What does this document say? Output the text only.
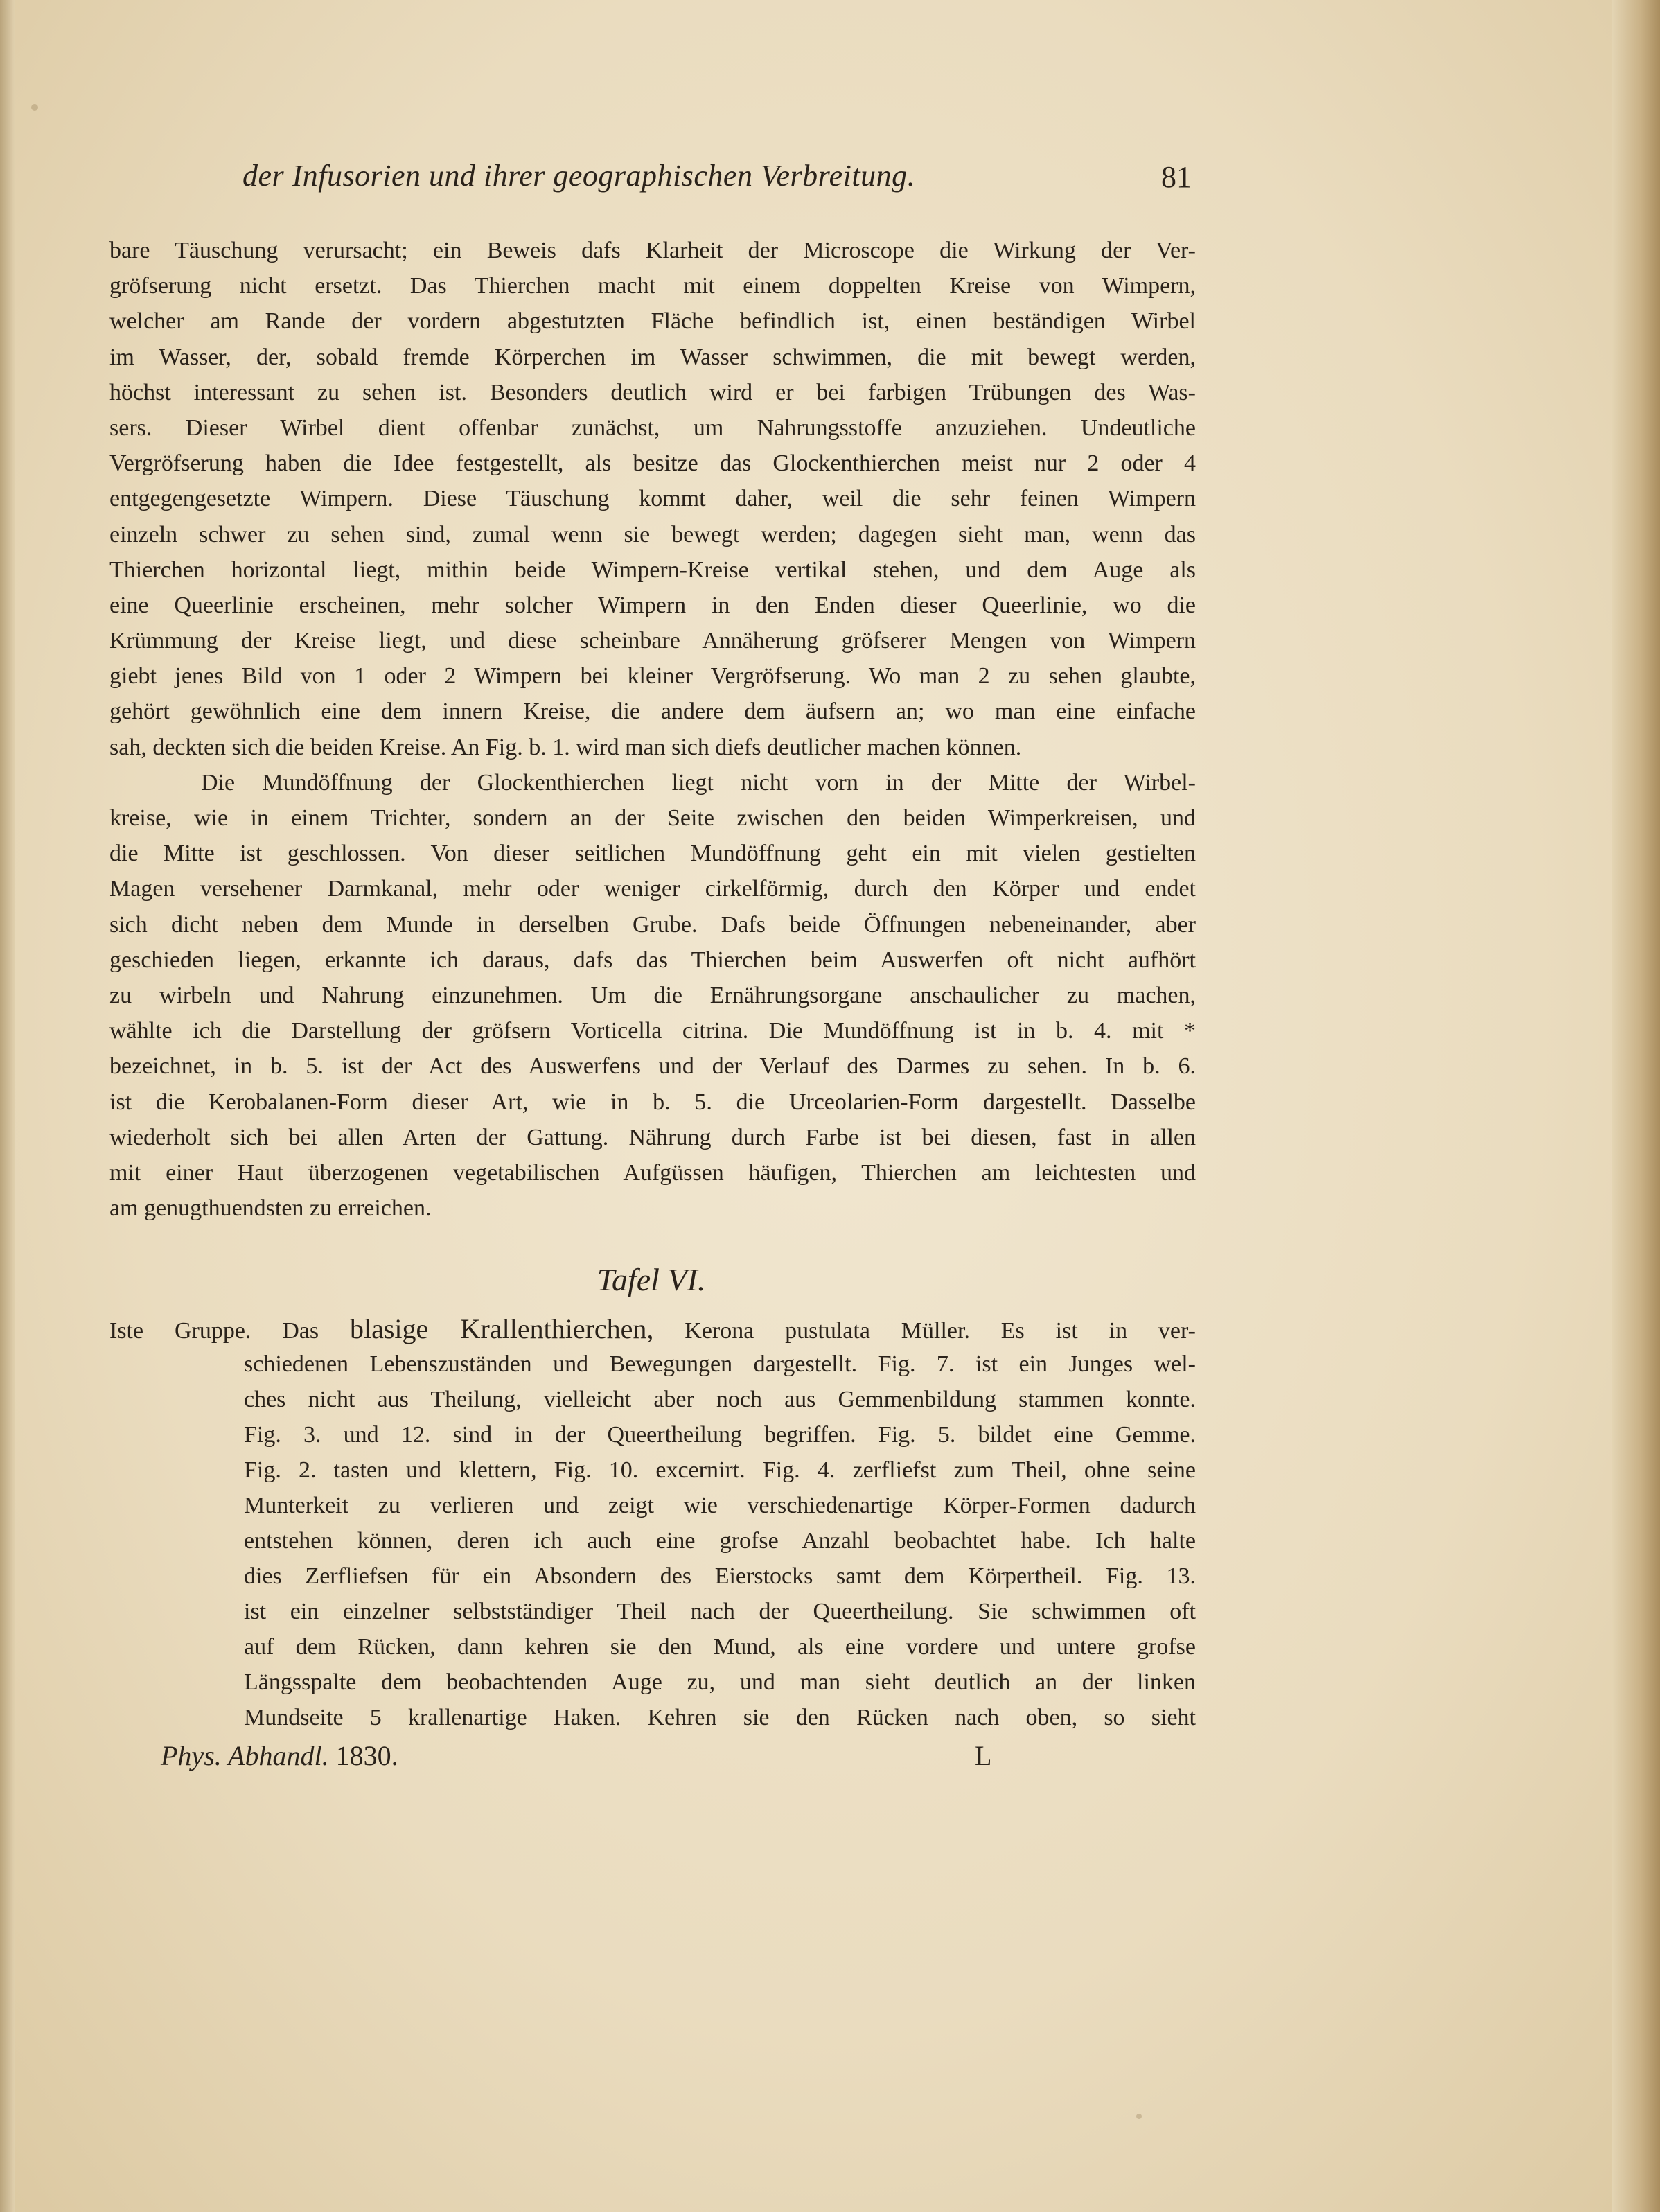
der Infusorien und ihrer geographischen Verbreitung.	81
bare Täuschung verursacht; ein Beweis dafs Klarheit der Microscope die Wirkung der Ver-
gröfserung nicht ersetzt. Das Thierchen macht mit einem doppelten Kreise von Wimpern,
welcher am Rande der vordern abgestutzten Fläche befindlich ist, einen beständigen Wirbel
im Wasser, der, sobald fremde Körperchen im Wasser schwimmen, die mit bewegt werden,
höchst interessant zu sehen ist. Besonders deutlich wird er bei farbigen Trübungen des Was-
sers. Dieser Wirbel dient offenbar zunächst, um Nahrungsstoffe anzuziehen. Undeutliche
Vergröfserung haben die Idee festgestellt, als besitze das Glockenthierchen meist nur 2 oder 4
entgegengesetzte Wimpern. Diese Täuschung kommt daher, weil die sehr feinen Wimpern
einzeln schwer zu sehen sind, zumal wenn sie bewegt werden; dagegen sieht man, wenn das
Thierchen horizontal liegt, mithin beide Wimpern-Kreise vertikal stehen, und dem Auge als
eine Queerlinie erscheinen, mehr solcher Wimpern in den Enden dieser Queerlinie, wo die
Krümmung der Kreise liegt, und diese scheinbare Annäherung gröfserer Mengen von Wimpern
giebt jenes Bild von 1 oder 2 Wimpern bei kleiner Vergröfserung. Wo man 2 zu sehen glaubte,
gehört gewöhnlich eine dem innern Kreise, die andere dem äufsern an; wo man eine einfache
sah, deckten sich die beiden Kreise. An Fig. b. 1. wird man sich diefs deutlicher machen können.
Die Mundöffnung der Glockenthierchen liegt nicht vorn in der Mitte der Wirbel-
kreise, wie in einem Trichter, sondern an der Seite zwischen den beiden Wimperkreisen, und
die Mitte ist geschlossen. Von dieser seitlichen Mundöffnung geht ein mit vielen gestielten
Magen versehener Darmkanal, mehr oder weniger cirkelförmig, durch den Körper und endet
sich dicht neben dem Munde in derselben Grube. Dafs beide Öffnungen nebeneinander, aber
geschieden liegen, erkannte ich daraus, dafs das Thierchen beim Auswerfen oft nicht aufhört
zu wirbeln und Nahrung einzunehmen. Um die Ernährungsorgane anschaulicher zu machen,
wählte ich die Darstellung der gröfsern Vorticella citrina. Die Mundöffnung ist in b. 4. mit *
bezeichnet, in b. 5. ist der Act des Auswerfens und der Verlauf des Darmes zu sehen. In b. 6.
ist die Kerobalanen-Form dieser Art, wie in b. 5. die Urceolarien-Form dargestellt. Dasselbe
wiederholt sich bei allen Arten der Gattung. Nährung durch Farbe ist bei diesen, fast in allen
mit einer Haut überzogenen vegetabilischen Aufgüssen häufigen, Thierchen am leichtesten und
am genugthuendsten zu erreichen.
Tafel VI.
Iste Gruppe. Das blasige Krallenthierchen, Kerona pustulata Müller. Es ist in ver-
schiedenen Lebenszuständen und Bewegungen dargestellt. Fig. 7. ist ein Junges wel-
ches nicht aus Theilung, vielleicht aber noch aus Gemmenbildung stammen konnte.
Fig. 3. und 12. sind in der Queertheilung begriffen. Fig. 5. bildet eine Gemme.
Fig. 2. tasten und klettern, Fig. 10. excernirt. Fig. 4. zerfliefst zum Theil, ohne seine
Munterkeit zu verlieren und zeigt wie verschiedenartige Körper-Formen dadurch
entstehen können, deren ich auch eine grofse Anzahl beobachtet habe. Ich halte
dies Zerfliefsen für ein Absondern des Eierstocks samt dem Körpertheil. Fig. 13.
ist ein einzelner selbstständiger Theil nach der Queertheilung. Sie schwimmen oft
auf dem Rücken, dann kehren sie den Mund, als eine vordere und untere grofse
Längsspalte dem beobachtenden Auge zu, und man sieht deutlich an der linken
Mundseite 5 krallenartige Haken. Kehren sie den Rücken nach oben, so sieht
Phys. Abhandl. 1830.	L
